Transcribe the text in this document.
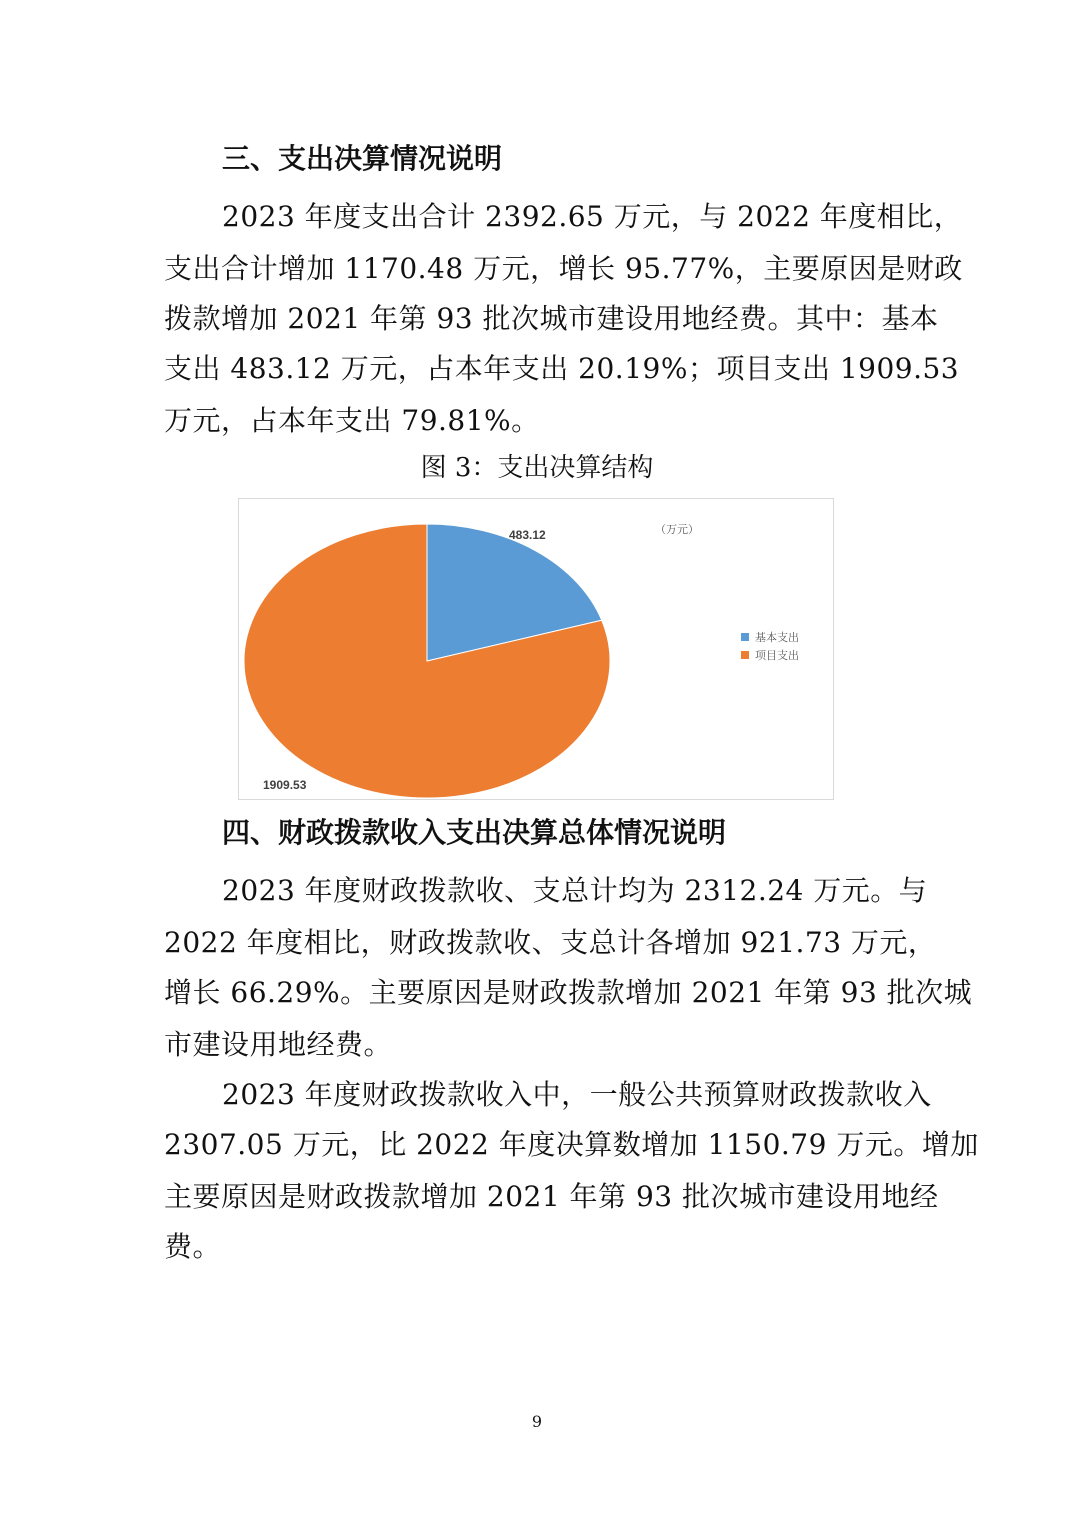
三、支出决算情况说明
2023 年度支出合计 2392.65 万元，与 2022 年度相比，
支出合计增加 1170.48 万元，增长 95.77%，主要原因是财政
拨款增加 2021 年第 93 批次城市建设用地经费。其中：基本
支出 483.12 万元，占本年支出 20.19%；项目支出 1909.53
万元，占本年支出 79.81%。
图 3：支出决算结构
483.12
1909.53
（万元）
基本支出
项目支出
四、财政拨款收入支出决算总体情况说明
2023 年度财政拨款收、支总计均为 2312.24 万元。与
2022 年度相比，财政拨款收、支总计各增加 921.73 万元，
增长 66.29%。主要原因是财政拨款增加 2021 年第 93 批次城
市建设用地经费。
2023 年度财政拨款收入中，一般公共预算财政拨款收入
2307.05 万元，比 2022 年度决算数增加 1150.79 万元。增加
主要原因是财政拨款增加 2021 年第 93 批次城市建设用地经
费。
9
